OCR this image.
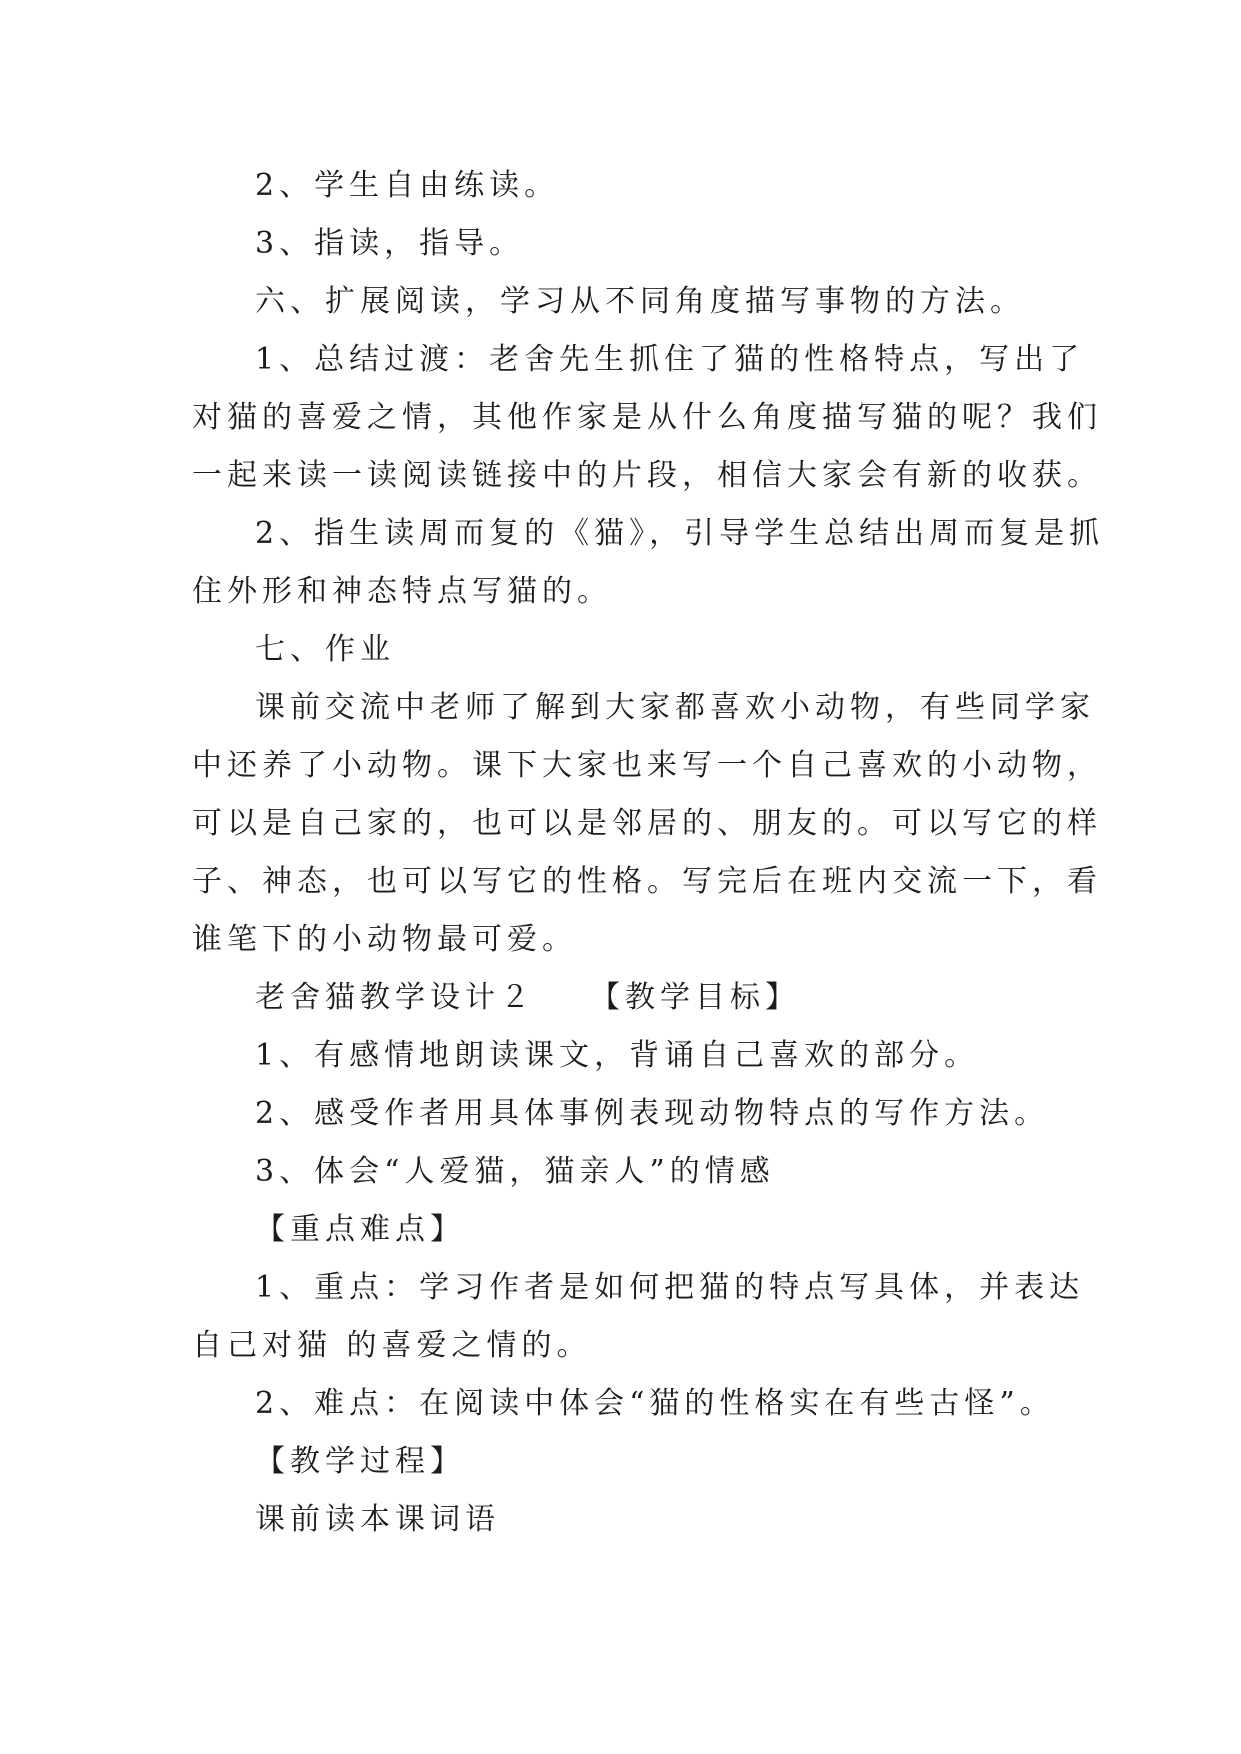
2、学生自由练读。
3、指读，指导。
六、扩展阅读，学习从不同角度描写事物的方法。
1、总结过渡：老舍先生抓住了猫的性格特点，写出了
对猫的喜爱之情，其他作家是从什么角度描写猫的呢？我们
一起来读一读阅读链接中的片段，相信大家会有新的收获。
2、指生读周而复的《猫》，引导学生总结出周而复是抓
住外形和神态特点写猫的。
七、作业
课前交流中老师了解到大家都喜欢小动物，有些同学家
中还养了小动物。课下大家也来写一个自己喜欢的小动物，
可以是自己家的，也可以是邻居的、朋友的。可以写它的样
子、神态，也可以写它的性格。写完后在班内交流一下，看
谁笔下的小动物最可爱。
老舍猫教学设计２　　【教学目标】
1、有感情地朗读课文，背诵自己喜欢的部分。
2、感受作者用具体事例表现动物特点的写作方法。
3、体会“人爱猫，猫亲人”的情感
【重点难点】
1、重点：学习作者是如何把猫的特点写具体，并表达
自己对猫 的喜爱之情的。
2、难点：在阅读中体会“猫的性格实在有些古怪”。
【教学过程】
课前读本课词语
